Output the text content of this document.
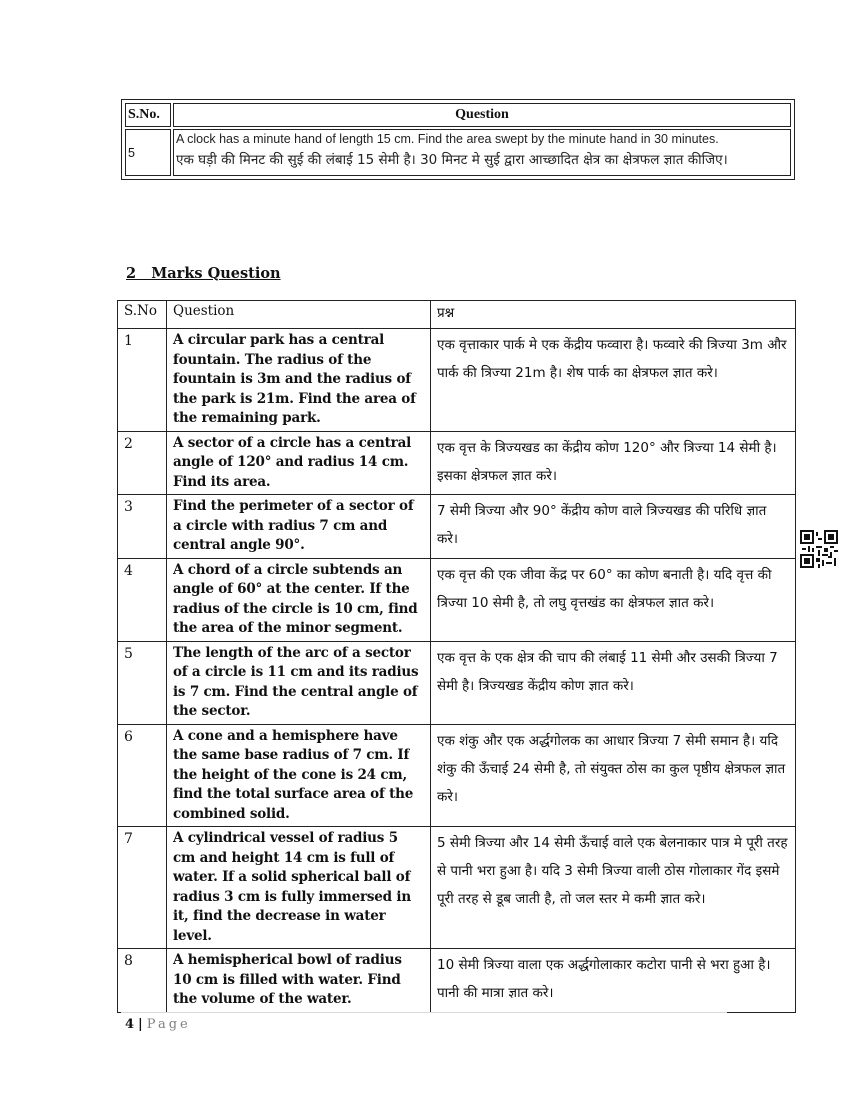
S.No.	Question
5	A clock has a minute hand of length 15 cm. Find the area swept by the minute hand in 30 minutes.
एक घड़ी की मिनट की सुई की लंबाई 15 सेमी है। 30 मिनट मे सुई द्वारा आच्छादित क्षेत्र का क्षेत्रफल ज्ञात कीजिए।
2   Marks Question
S.No	Question	प्रश्न
1	A circular park has a central fountain. The radius of the fountain is 3m and the radius of the park is 21m. Find the area of the remaining park.	एक वृत्ताकार पार्क मे एक केंद्रीय फव्वारा है। फव्वारे की त्रिज्या 3m और पार्क की त्रिज्या 21m है। शेष पार्क का क्षेत्रफल ज्ञात करे।
2	A sector of a circle has a central angle of 120° and radius 14 cm. Find its area.	एक वृत्त के त्रिज्यखड का केंद्रीय कोण 120° और त्रिज्या 14 सेमी है। इसका क्षेत्रफल ज्ञात करे।
3	Find the perimeter of a sector of a circle with radius 7 cm and central angle 90°.	7 सेमी त्रिज्या और 90° केंद्रीय कोण वाले त्रिज्यखड की परिधि ज्ञात करे।
4	A chord of a circle subtends an angle of 60° at the center. If the radius of the circle is 10 cm, find the area of the minor segment.	एक वृत्त की एक जीवा केंद्र पर 60° का कोण बनाती है। यदि वृत्त की त्रिज्या 10 सेमी है, तो लघु वृत्तखंड का क्षेत्रफल ज्ञात करे।
5	The length of the arc of a sector of a circle is 11 cm and its radius is 7 cm. Find the central angle of the sector.	एक वृत्त के एक क्षेत्र की चाप की लंबाई 11 सेमी और उसकी त्रिज्या 7 सेमी है। त्रिज्यखड केंद्रीय कोण ज्ञात करे।
6	A cone and a hemisphere have the same base radius of 7 cm. If the height of the cone is 24 cm, find the total surface area of the combined solid.	एक शंकु और एक अर्द्धगोलक का आधार त्रिज्या 7 सेमी समान है। यदि शंकु की ऊँचाई 24 सेमी है, तो संयुक्त ठोस का कुल पृष्ठीय क्षेत्रफल ज्ञात करे।
7	A cylindrical vessel of radius 5 cm and height 14 cm is full of water. If a solid spherical ball of radius 3 cm is fully immersed in it, find the decrease in water level.	5 सेमी त्रिज्या और 14 सेमी ऊँचाई वाले एक बेलनाकार पात्र मे पूरी तरह से पानी भरा हुआ है। यदि 3 सेमी त्रिज्या वाली ठोस गोलाकार गेंद इसमे पूरी तरह से डूब जाती है, तो जल स्तर मे कमी ज्ञात करे।
8	A hemispherical bowl of radius 10 cm is filled with water. Find the volume of the water.	10 सेमी त्रिज्या वाला एक अर्द्धगोलाकार कटोरा पानी से भरा हुआ है। पानी की मात्रा ज्ञात करे।
4 | Page
